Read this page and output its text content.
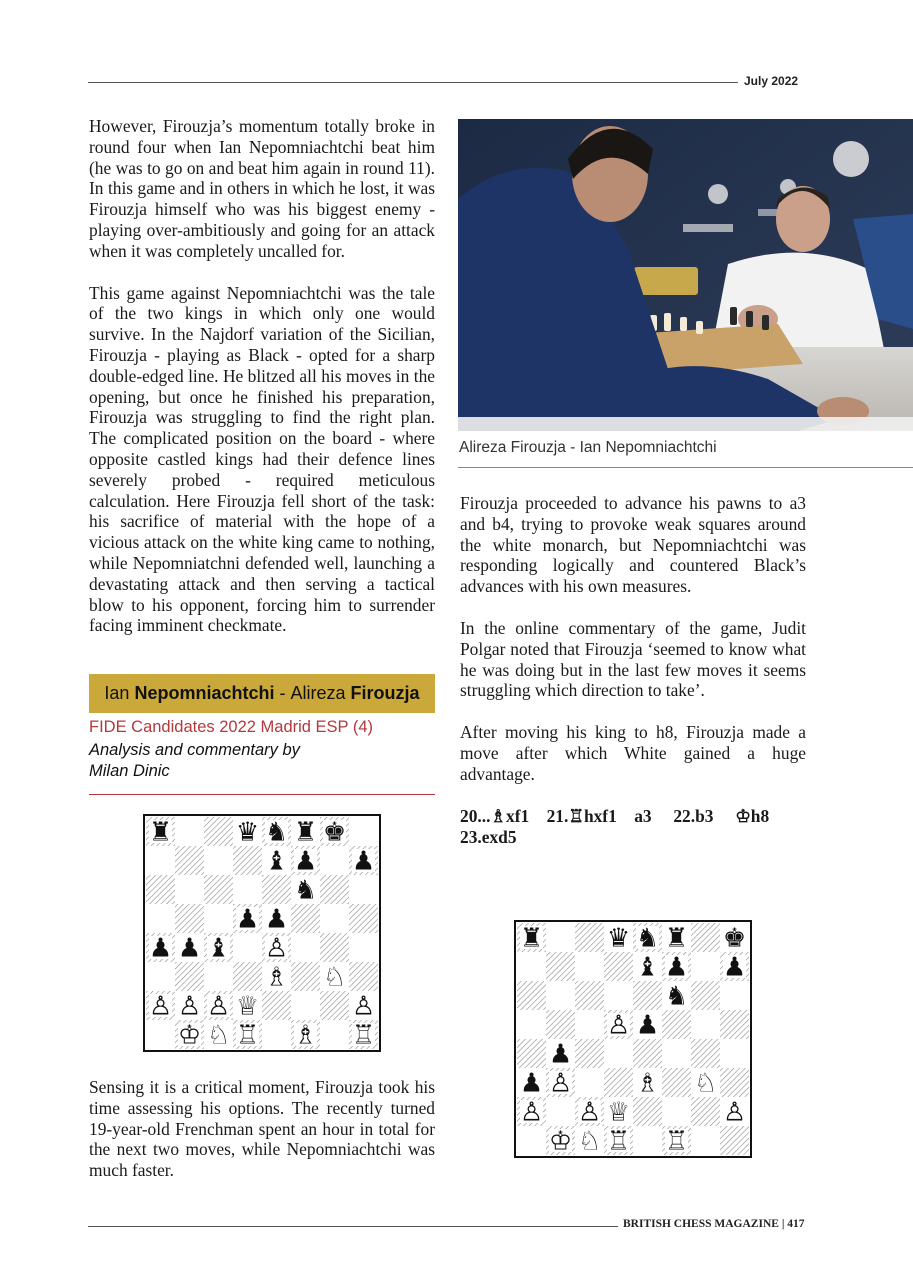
July 2022

However, Firouzja’s momentum totally broke in round four when Ian Nepomniachtchi beat him (he was to go on and beat him again in round 11). In this game and in others in which he lost, it was Firouzja himself who was his biggest enemy - playing over-ambitiously and going for an attack when it was completely uncalled for.

This game against Nepomniachtchi was the tale of the two kings in which only one would survive. In the Najdorf variation of the Sicilian, Firouzja - playing as Black - opted for a sharp double-edged line. He blitzed all his moves in the opening, but once he finished his preparation, Firouzja was struggling to find the right plan. The complicated position on the board - where opposite castled kings had their defence lines severely probed - required meticulous calculation. Here Firouzja fell short of the task: his sacrifice of material with the hope of a vicious attack on the white king came to nothing, while Nepomniatchni defended well, launching a devastating attack and then serving a tactical blow to his opponent, forcing him to surrender facing imminent checkmate.

Ian
Nepomniachtchi - Alireza
Firouzja
FIDE Candidates 2022 Madrid ESP (4)
Analysis and commentary by
Milan Dinic
♜ ♛ ♞ ♜ ♚
♝ ♟ ♟
♞
♟ ♟
♟ ♟ ♝ ♙
♗ ♘
♙ ♙ ♙ ♕	♙
♔ ♘ ♖ ♗ ♖
♜ ♛ ♞ ♜ ♚
♝ ♟ ♟
♞
♙ ♟
♟
♟ ♙ ♗ ♘
♙ ♙ ♕	♙
♔ ♘ ♖ ♖

Sensing it is a critical moment, Firouzja took his time assessing his options. The recently turned 19-year-old Frenchman spent an hour in total for the next two moves, while Nepomniachtchi was much faster.

Alireza Firouzja - Ian Nepomniachtchi

Firouzja proceeded to advance his pawns to a3 and b4, trying to provoke weak squares around the white monarch, but Nepomniachtchi was responding logically and countered Black’s advances with his own measures.

In the online commentary of the game, Judit Polgar noted that Firouzja ‘seemed to know what he was doing but in the last few moves it seems struggling which direction to take’.

After moving his king to h8, Firouzja made a move after which White gained a huge advantage.

20...♗xf1 21.♖hxf1 a3 22.b3 ♔h8
23.exd5

BRITISH CHESS MAGAZINE | 417
